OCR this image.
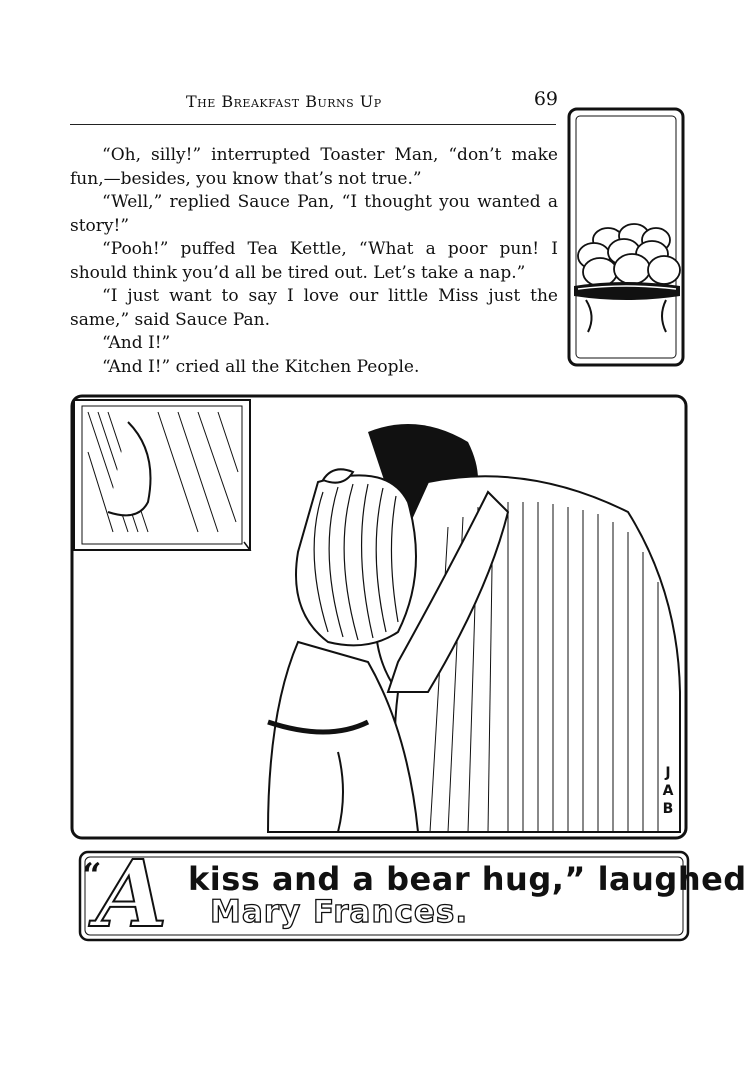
The Breakfast Burns Up	69

“Oh, silly!” interrupted Toaster Man, “don’t make fun,—besides, you know that’s not true.”

“Well,” replied Sauce Pan, “I thought you wanted a story!”

“Pooh!” puffed Tea Kettle, “What a poor pun! I should think you’d all be tired out. Let’s take a nap.”

“I just want to say I love our little Miss just the same,” said Sauce Pan.

“And I!”

“And I!” cried all the Kitchen People.

J
A
B
“
A kiss and a bear hug,” laughed
Mary Frances.
